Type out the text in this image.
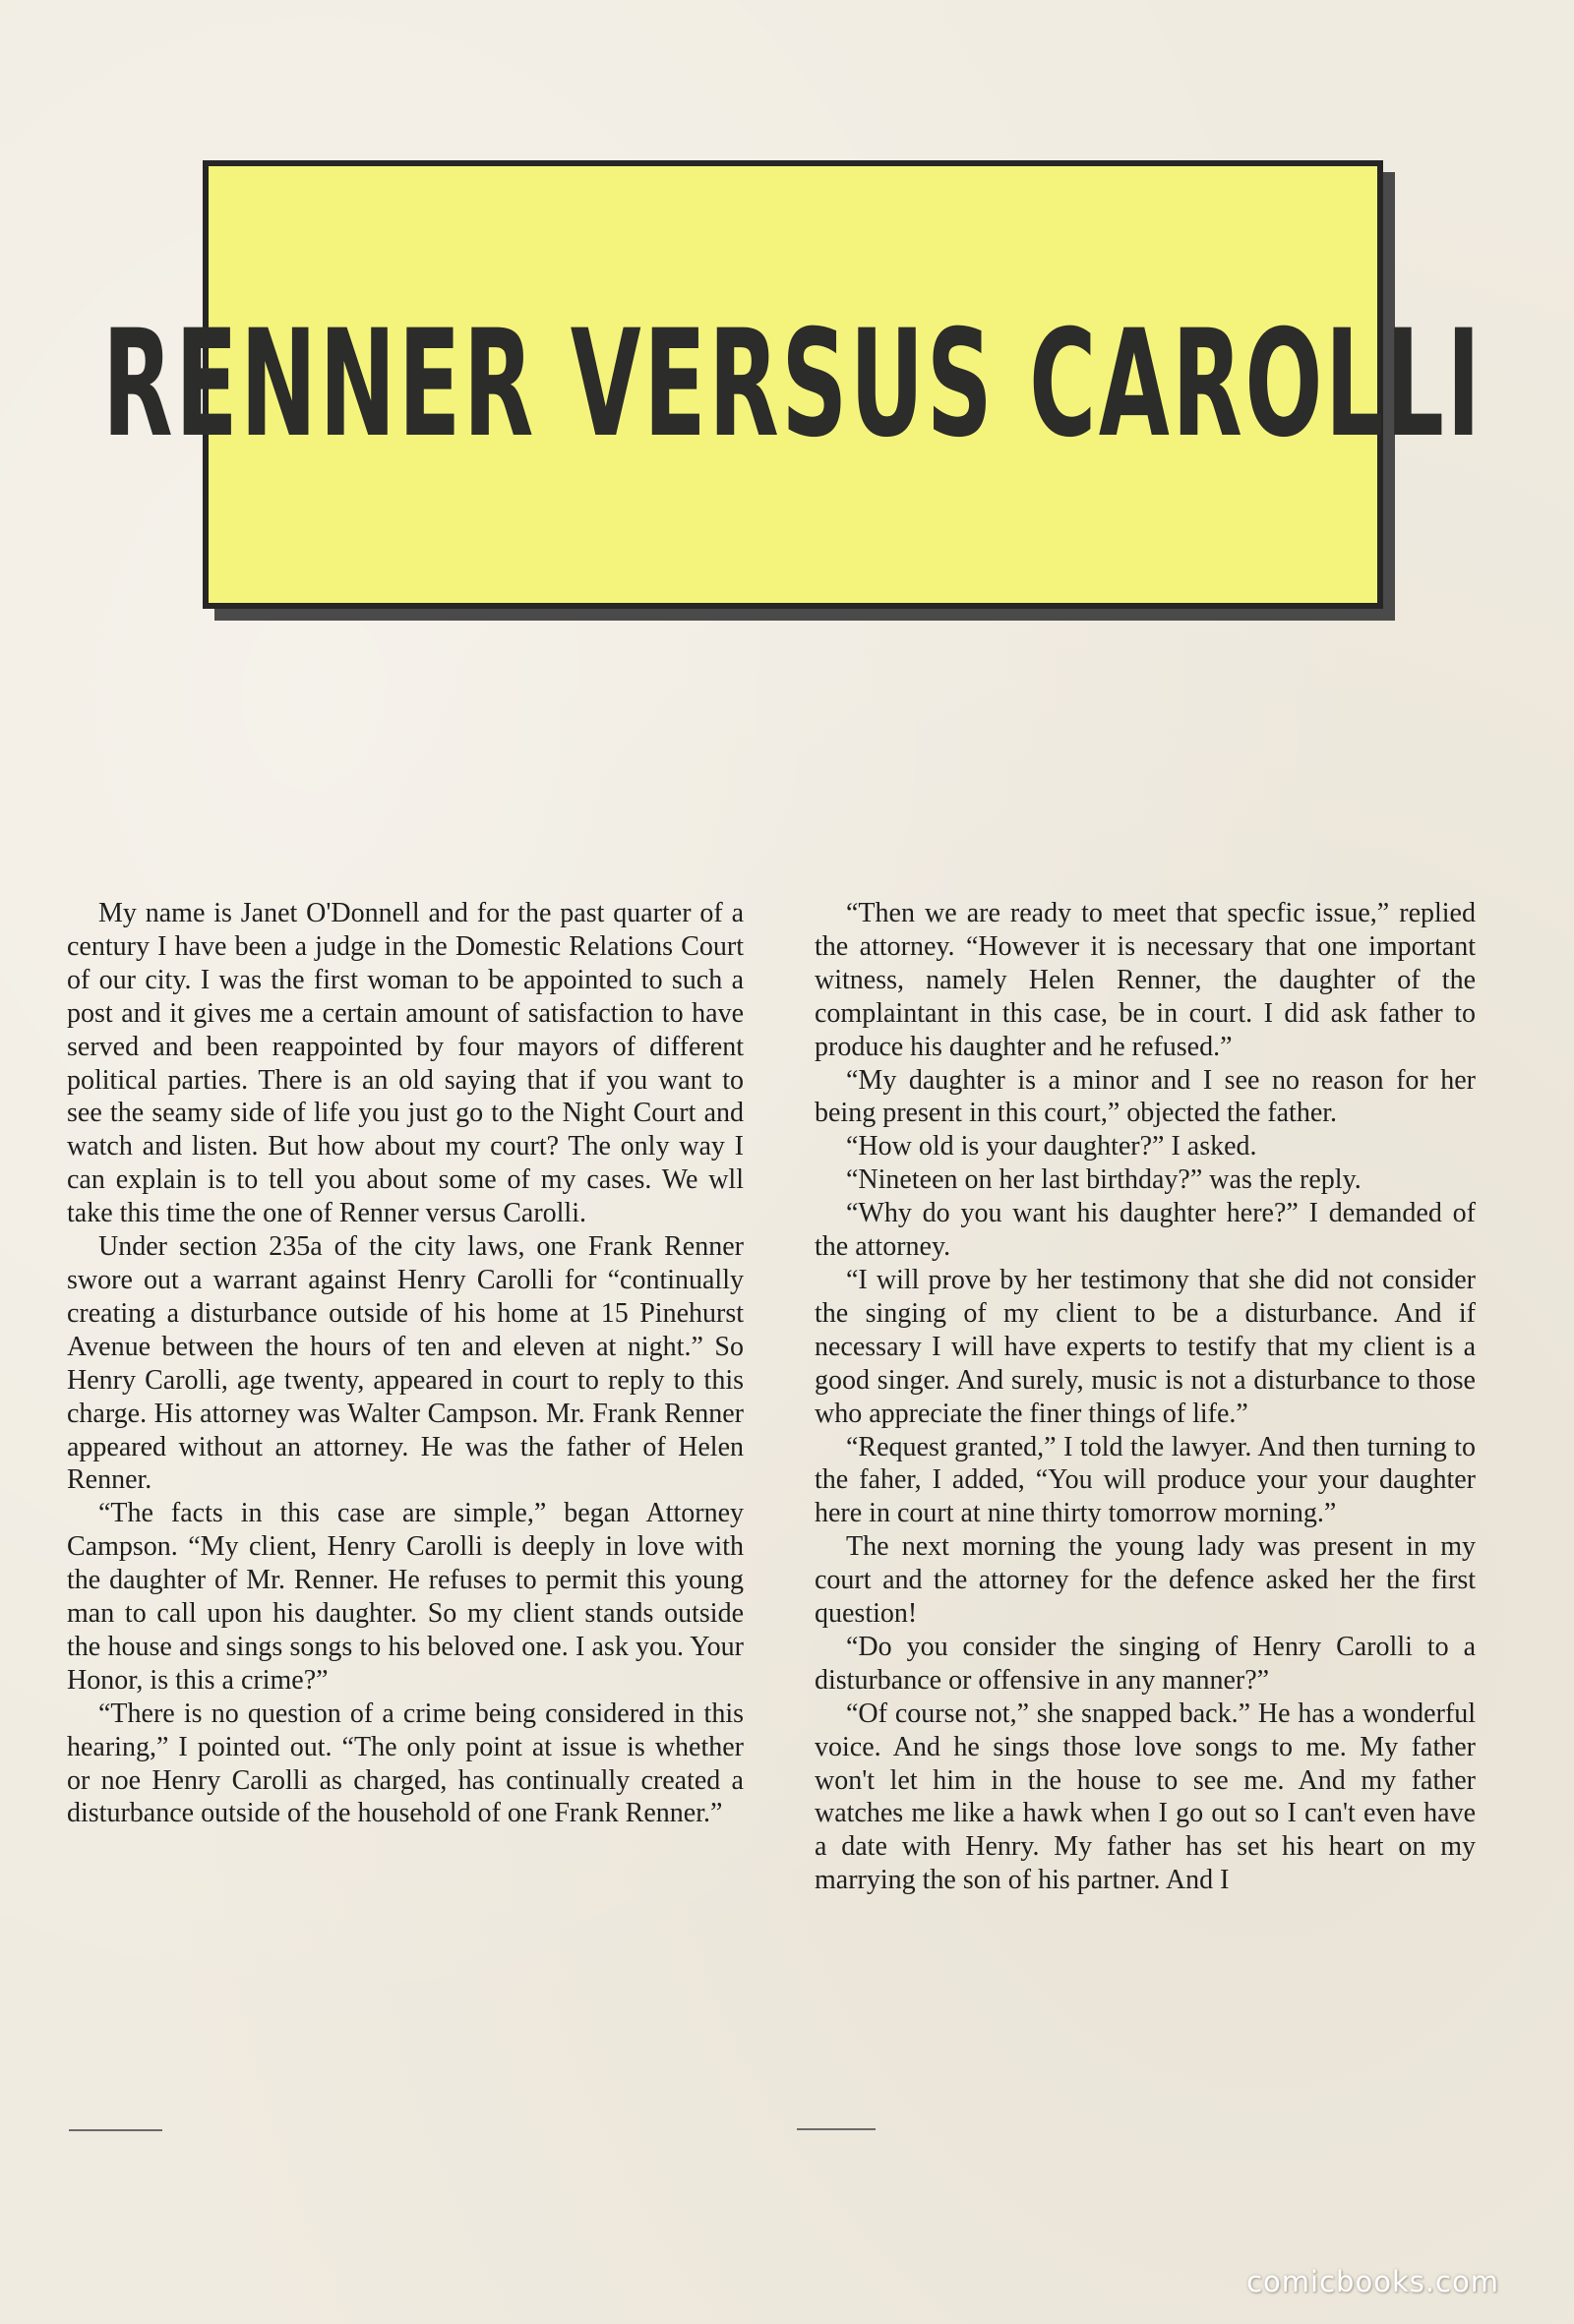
RENNER VERSUS CAROLLI

My name is Janet O'Donnell and for the past quarter of a century I have been a judge in the Domestic Relations Court of our city. I was the first woman to be appointed to such a post and it gives me a certain amount of satisfaction to have served and been reappointed by four mayors of different political parties. There is an old saying that if you want to see the seamy side of life you just go to the Night Court and watch and listen. But how about my court? The only way I can explain is to tell you about some of my cases. We wll take this time the one of Renner versus Carolli.

Under section 235a of the city laws, one Frank Renner swore out a warrant against Henry Carolli for “continually creating a disturbance outside of his home at 15 Pinehurst Avenue between the hours of ten and eleven at night.” So Henry Carolli, age twenty, appeared in court to reply to this charge. His attorney was Walter Campson. Mr. Frank Renner appeared without an attorney. He was the father of Helen Renner.

“The facts in this case are simple,” began Attorney Campson. “My client, Henry Carolli is deeply in love with the daughter of Mr. Renner. He refuses to permit this young man to call upon his daughter. So my client stands outside the house and sings songs to his beloved one. I ask you. Your Honor, is this a crime?”

“There is no question of a crime being considered in this hearing,” I pointed out. “The only point at issue is whether or noe Henry Carolli as charged, has continually created a disturbance outside of the household of one Frank Renner.”

“Then we are ready to meet that specfic issue,” replied the attorney. “However it is necessary that one important witness, namely Helen Renner, the daughter of the complaintant in this case, be in court. I did ask father to produce his daughter and he refused.”

“My daughter is a minor and I see no reason for her being present in this court,” objected the father.

“How old is your daughter?” I asked.

“Nineteen on her last birthday?” was the reply.

“Why do you want his daughter here?” I demanded of the attorney.

“I will prove by her testimony that she did not consider the singing of my client to be a disturbance. And if necessary I will have experts to testify that my client is a good singer. And surely, music is not a disturbance to those who appreciate the finer things of life.”

“Request granted,” I told the lawyer. And then turning to the faher, I added, “You will produce your your daughter here in court at nine thirty tomorrow morning.”

The next morning the young lady was present in my court and the attorney for the defence asked her the first question!

“Do you consider the singing of Henry Carolli to a disturbance or offensive in any manner?”

“Of course not,” she snapped back.” He has a wonderful voice. And he sings those love songs to me. My father won't let him in the house to see me. And my father watches me like a hawk when I go out so I can't even have a date with Henry. My father has set his heart on my marrying the son of his partner. And I

comicbooks.com
